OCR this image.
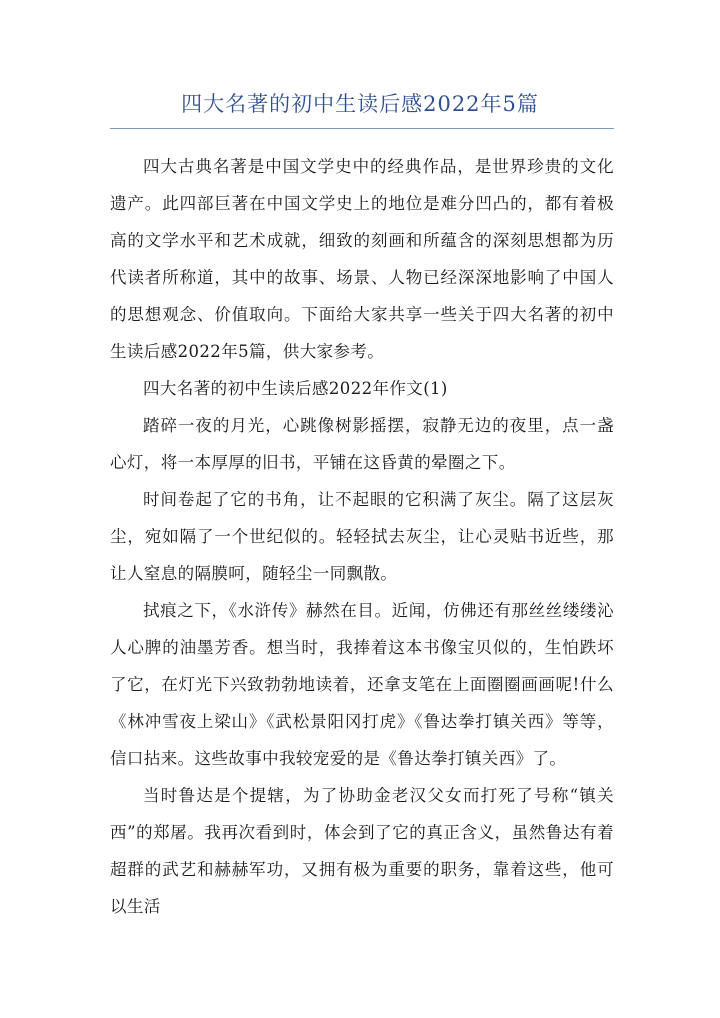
四大名著的初中生读后感2022年5篇

四大古典名著是中国文学史中的经典作品，是世界珍贵的文化遗产。此四部巨著在中国文学史上的地位是难分凹凸的，都有着极高的文学水平和艺术成就，细致的刻画和所蕴含的深刻思想都为历代读者所称道，其中的故事、场景、人物已经深深地影响了中国人的思想观念、价值取向。下面给大家共享一些关于四大名著的初中生读后感2022年5篇，供大家参考。

四大名著的初中生读后感2022年作文(1)

踏碎一夜的月光，心跳像树影摇摆，寂静无边的夜里，点一盏心灯，将一本厚厚的旧书，平铺在这昏黄的晕圈之下。

时间卷起了它的书角，让不起眼的它积满了灰尘。隔了这层灰尘，宛如隔了一个世纪似的。轻轻拭去灰尘，让心灵贴书近些，那让人窒息的隔膜呵，随轻尘一同飘散。

拭痕之下，《水浒传》赫然在目。近闻，仿佛还有那丝丝缕缕沁人心脾的油墨芳香。想当时，我捧着这本书像宝贝似的，生怕跌坏了它，在灯光下兴致勃勃地读着，还拿支笔在上面圈圈画画呢!什么《林冲雪夜上梁山》《武松景阳冈打虎》《鲁达拳打镇关西》等等，信口拈来。这些故事中我较宠爱的是《鲁达拳打镇关西》了。

当时鲁达是个提辖，为了协助金老汉父女而打死了号称“镇关西”的郑屠。我再次看到时，体会到了它的真正含义，虽然鲁达有着超群的武艺和赫赫军功，又拥有极为重要的职务，靠着这些，他可以生活
